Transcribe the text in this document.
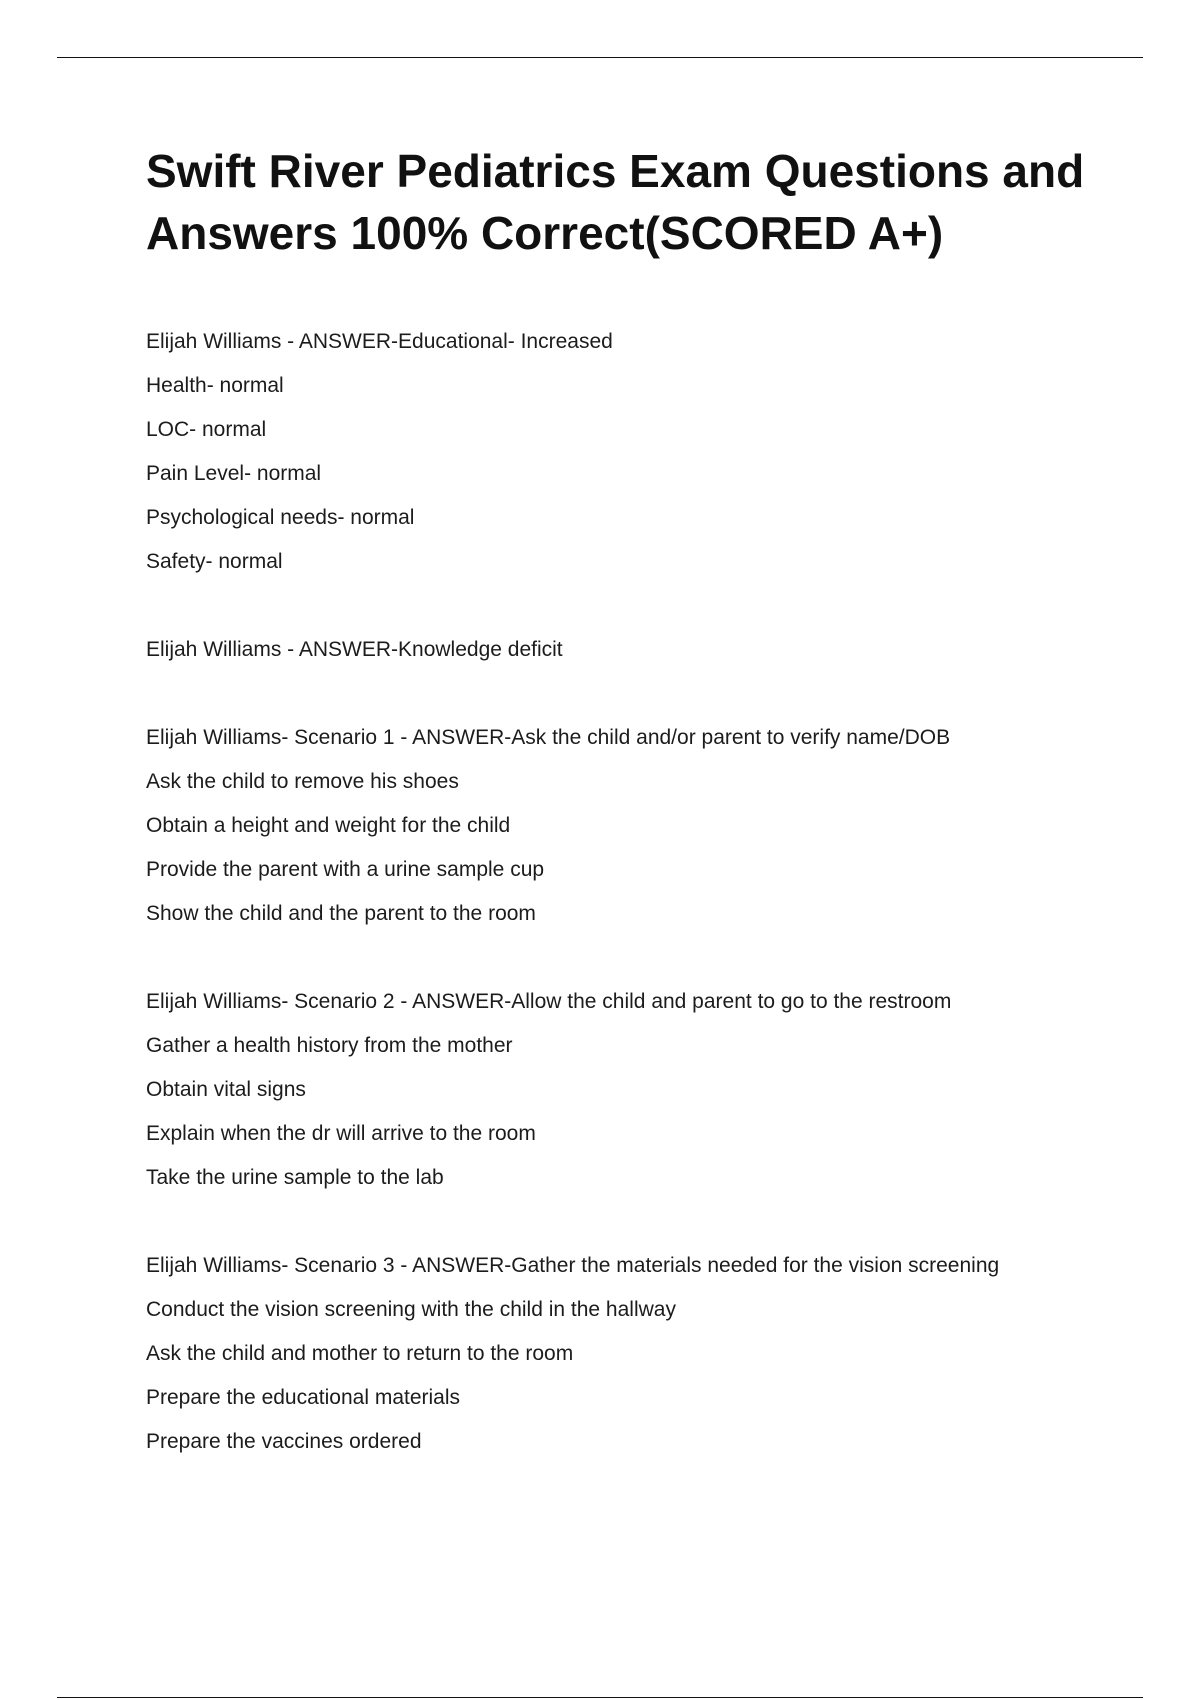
Swift River Pediatrics Exam Questions and Answers 100% Correct(SCORED A+)
Elijah Williams - ANSWER-Educational- Increased
Health- normal
LOC- normal
Pain Level- normal
Psychological needs- normal
Safety- normal
Elijah Williams - ANSWER-Knowledge deficit
Elijah Williams- Scenario 1 - ANSWER-Ask the child and/or parent to verify name/DOB
Ask the child to remove his shoes
Obtain a height and weight for the child
Provide the parent with a urine sample cup
Show the child and the parent to the room
Elijah Williams- Scenario 2 - ANSWER-Allow the child and parent to go to the restroom
Gather a health history from the mother
Obtain vital signs
Explain when the dr will arrive to the room
Take the urine sample to the lab
Elijah Williams- Scenario 3 - ANSWER-Gather the materials needed for the vision screening
Conduct the vision screening with the child in the hallway
Ask the child and mother to return to the room
Prepare the educational materials
Prepare the vaccines ordered
